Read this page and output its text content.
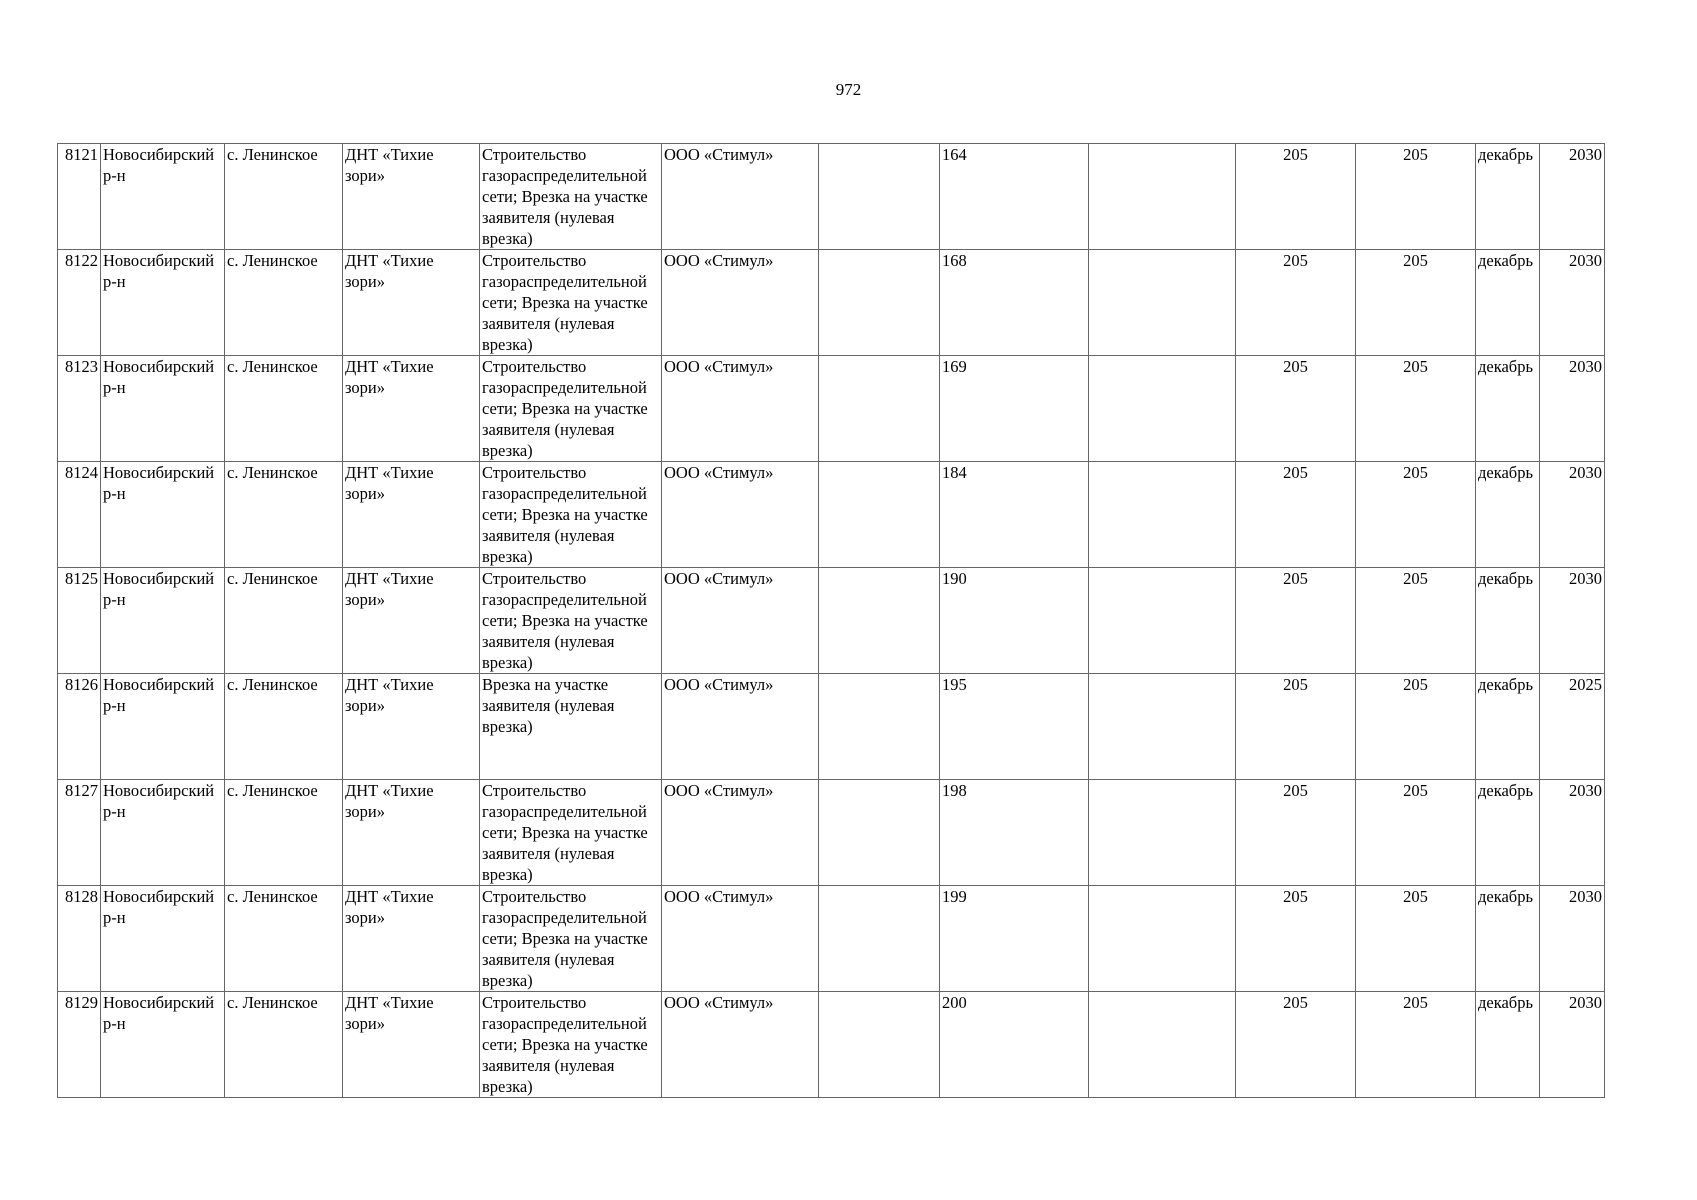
972
8121	Новосибирский р-н	с. Ленинское	ДНТ «Тихие зори»	Строительство газораспределительной сети; Врезка на участке заявителя (нулевая врезка)	ООО «Стимул»		164		205	205	декабрь	2030
8122	Новосибирский р-н	с. Ленинское	ДНТ «Тихие зори»	Строительство газораспределительной сети; Врезка на участке заявителя (нулевая врезка)	ООО «Стимул»		168		205	205	декабрь	2030
8123	Новосибирский р-н	с. Ленинское	ДНТ «Тихие зори»	Строительство газораспределительной сети; Врезка на участке заявителя (нулевая врезка)	ООО «Стимул»		169		205	205	декабрь	2030
8124	Новосибирский р-н	с. Ленинское	ДНТ «Тихие зори»	Строительство газораспределительной сети; Врезка на участке заявителя (нулевая врезка)	ООО «Стимул»		184		205	205	декабрь	2030
8125	Новосибирский р-н	с. Ленинское	ДНТ «Тихие зори»	Строительство газораспределительной сети; Врезка на участке заявителя (нулевая врезка)	ООО «Стимул»		190		205	205	декабрь	2030
8126	Новосибирский р-н	с. Ленинское	ДНТ «Тихие зори»	Врезка на участке заявителя (нулевая врезка)	ООО «Стимул»		195		205	205	декабрь	2025
8127	Новосибирский р-н	с. Ленинское	ДНТ «Тихие зори»	Строительство газораспределительной сети; Врезка на участке заявителя (нулевая врезка)	ООО «Стимул»		198		205	205	декабрь	2030
8128	Новосибирский р-н	с. Ленинское	ДНТ «Тихие зори»	Строительство газораспределительной сети; Врезка на участке заявителя (нулевая врезка)	ООО «Стимул»		199		205	205	декабрь	2030
8129	Новосибирский р-н	с. Ленинское	ДНТ «Тихие зори»	Строительство газораспределительной сети; Врезка на участке заявителя (нулевая врезка)	ООО «Стимул»		200		205	205	декабрь	2030
